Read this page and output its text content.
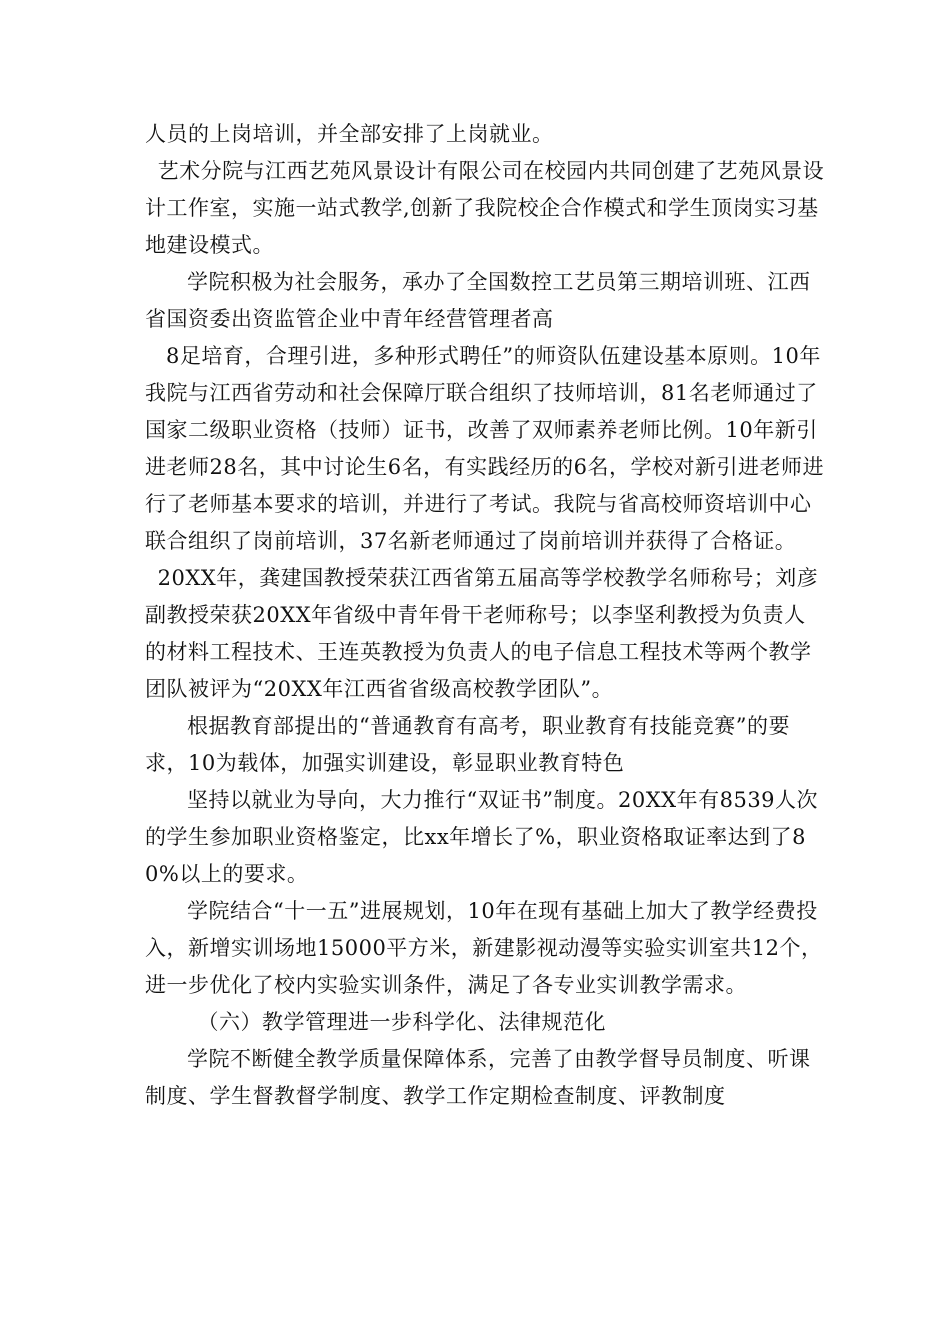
人员的上岗培训，并全部安排了上岗就业。

艺术分院与江西艺苑风景设计有限公司在校园内共同创建了艺苑风景设计工作室，实施一站式教学,创新了我院校企合作模式和学生顶岗实习基地建设模式。

学院积极为社会服务，承办了全国数控工艺员第三期培训班、江西省国资委出资监管企业中青年经营管理者高

8足培育，合理引进，多种形式聘任”的师资队伍建设基本原则。10年我院与江西省劳动和社会保障厅联合组织了技师培训，81名老师通过了国家二级职业资格（技师）证书，改善了双师素养老师比例。10年新引进老师28名，其中讨论生6名，有实践经历的6名，学校对新引进老师进行了老师基本要求的培训，并进行了考试。我院与省高校师资培训中心联合组织了岗前培训，37名新老师通过了岗前培训并获得了合格证。

20XX年，龚建国教授荣获江西省第五届高等学校教学名师称号；刘彦副教授荣获20XX年省级中青年骨干老师称号；以李坚利教授为负责人的材料工程技术、王连英教授为负责人的电子信息工程技术等两个教学团队被评为“20XX年江西省省级高校教学团队”。

根据教育部提出的“普通教育有高考，职业教育有技能竞赛”的要求，10为载体，加强实训建设，彰显职业教育特色

坚持以就业为导向，大力推行“双证书”制度。20XX年有8539人次的学生参加职业资格鉴定，比xx年增长了%，职业资格取证率达到了80%以上的要求。

学院结合“十一五”进展规划，10年在现有基础上加大了教学经费投入，新增实训场地15000平方米，新建影视动漫等实验实训室共12个，进一步优化了校内实验实训条件，满足了各专业实训教学需求。

（六）教学管理进一步科学化、法律规范化

学院不断健全教学质量保障体系，完善了由教学督导员制度、听课制度、学生督教督学制度、教学工作定期检查制度、评教制度
